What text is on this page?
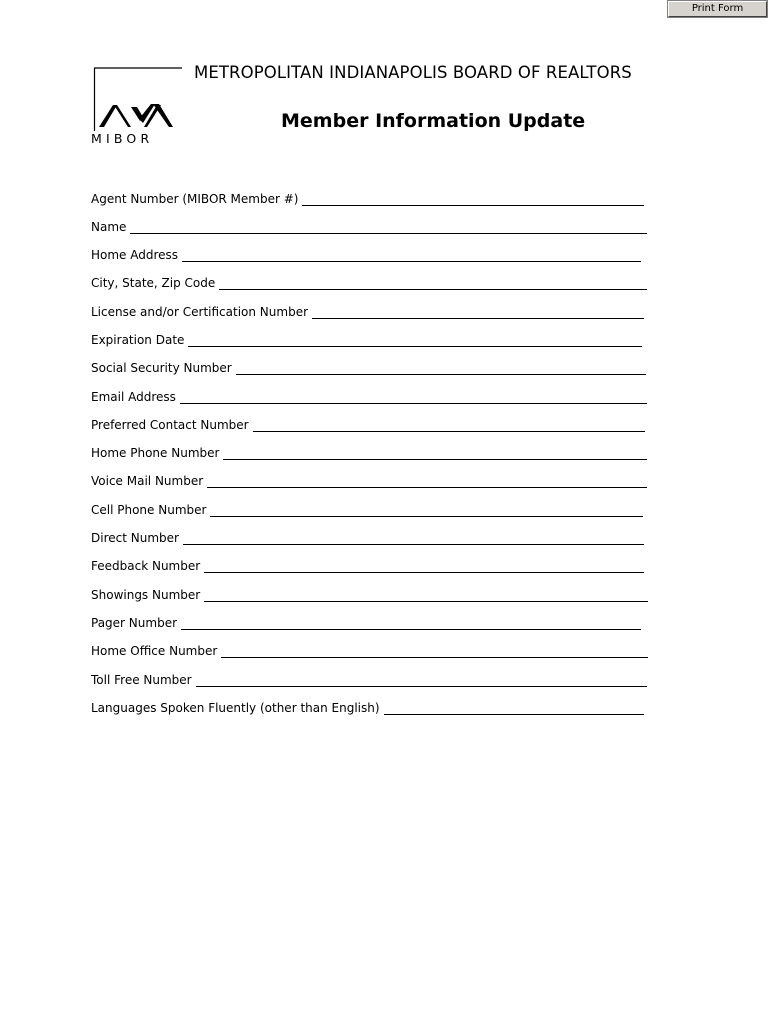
Print Form
MIBOR
METROPOLITAN INDIANAPOLIS BOARD OF REALTORS
Member Information Update
Agent Number (MIBOR Member #)
Name
Home Address
City, State, Zip Code
License and/or Certification Number
Expiration Date
Social Security Number
Email Address
Preferred Contact Number
Home Phone Number
Voice Mail Number
Cell Phone Number
Direct Number
Feedback Number
Showings Number
Pager Number
Home Office Number
Toll Free Number
Languages Spoken Fluently (other than English)
